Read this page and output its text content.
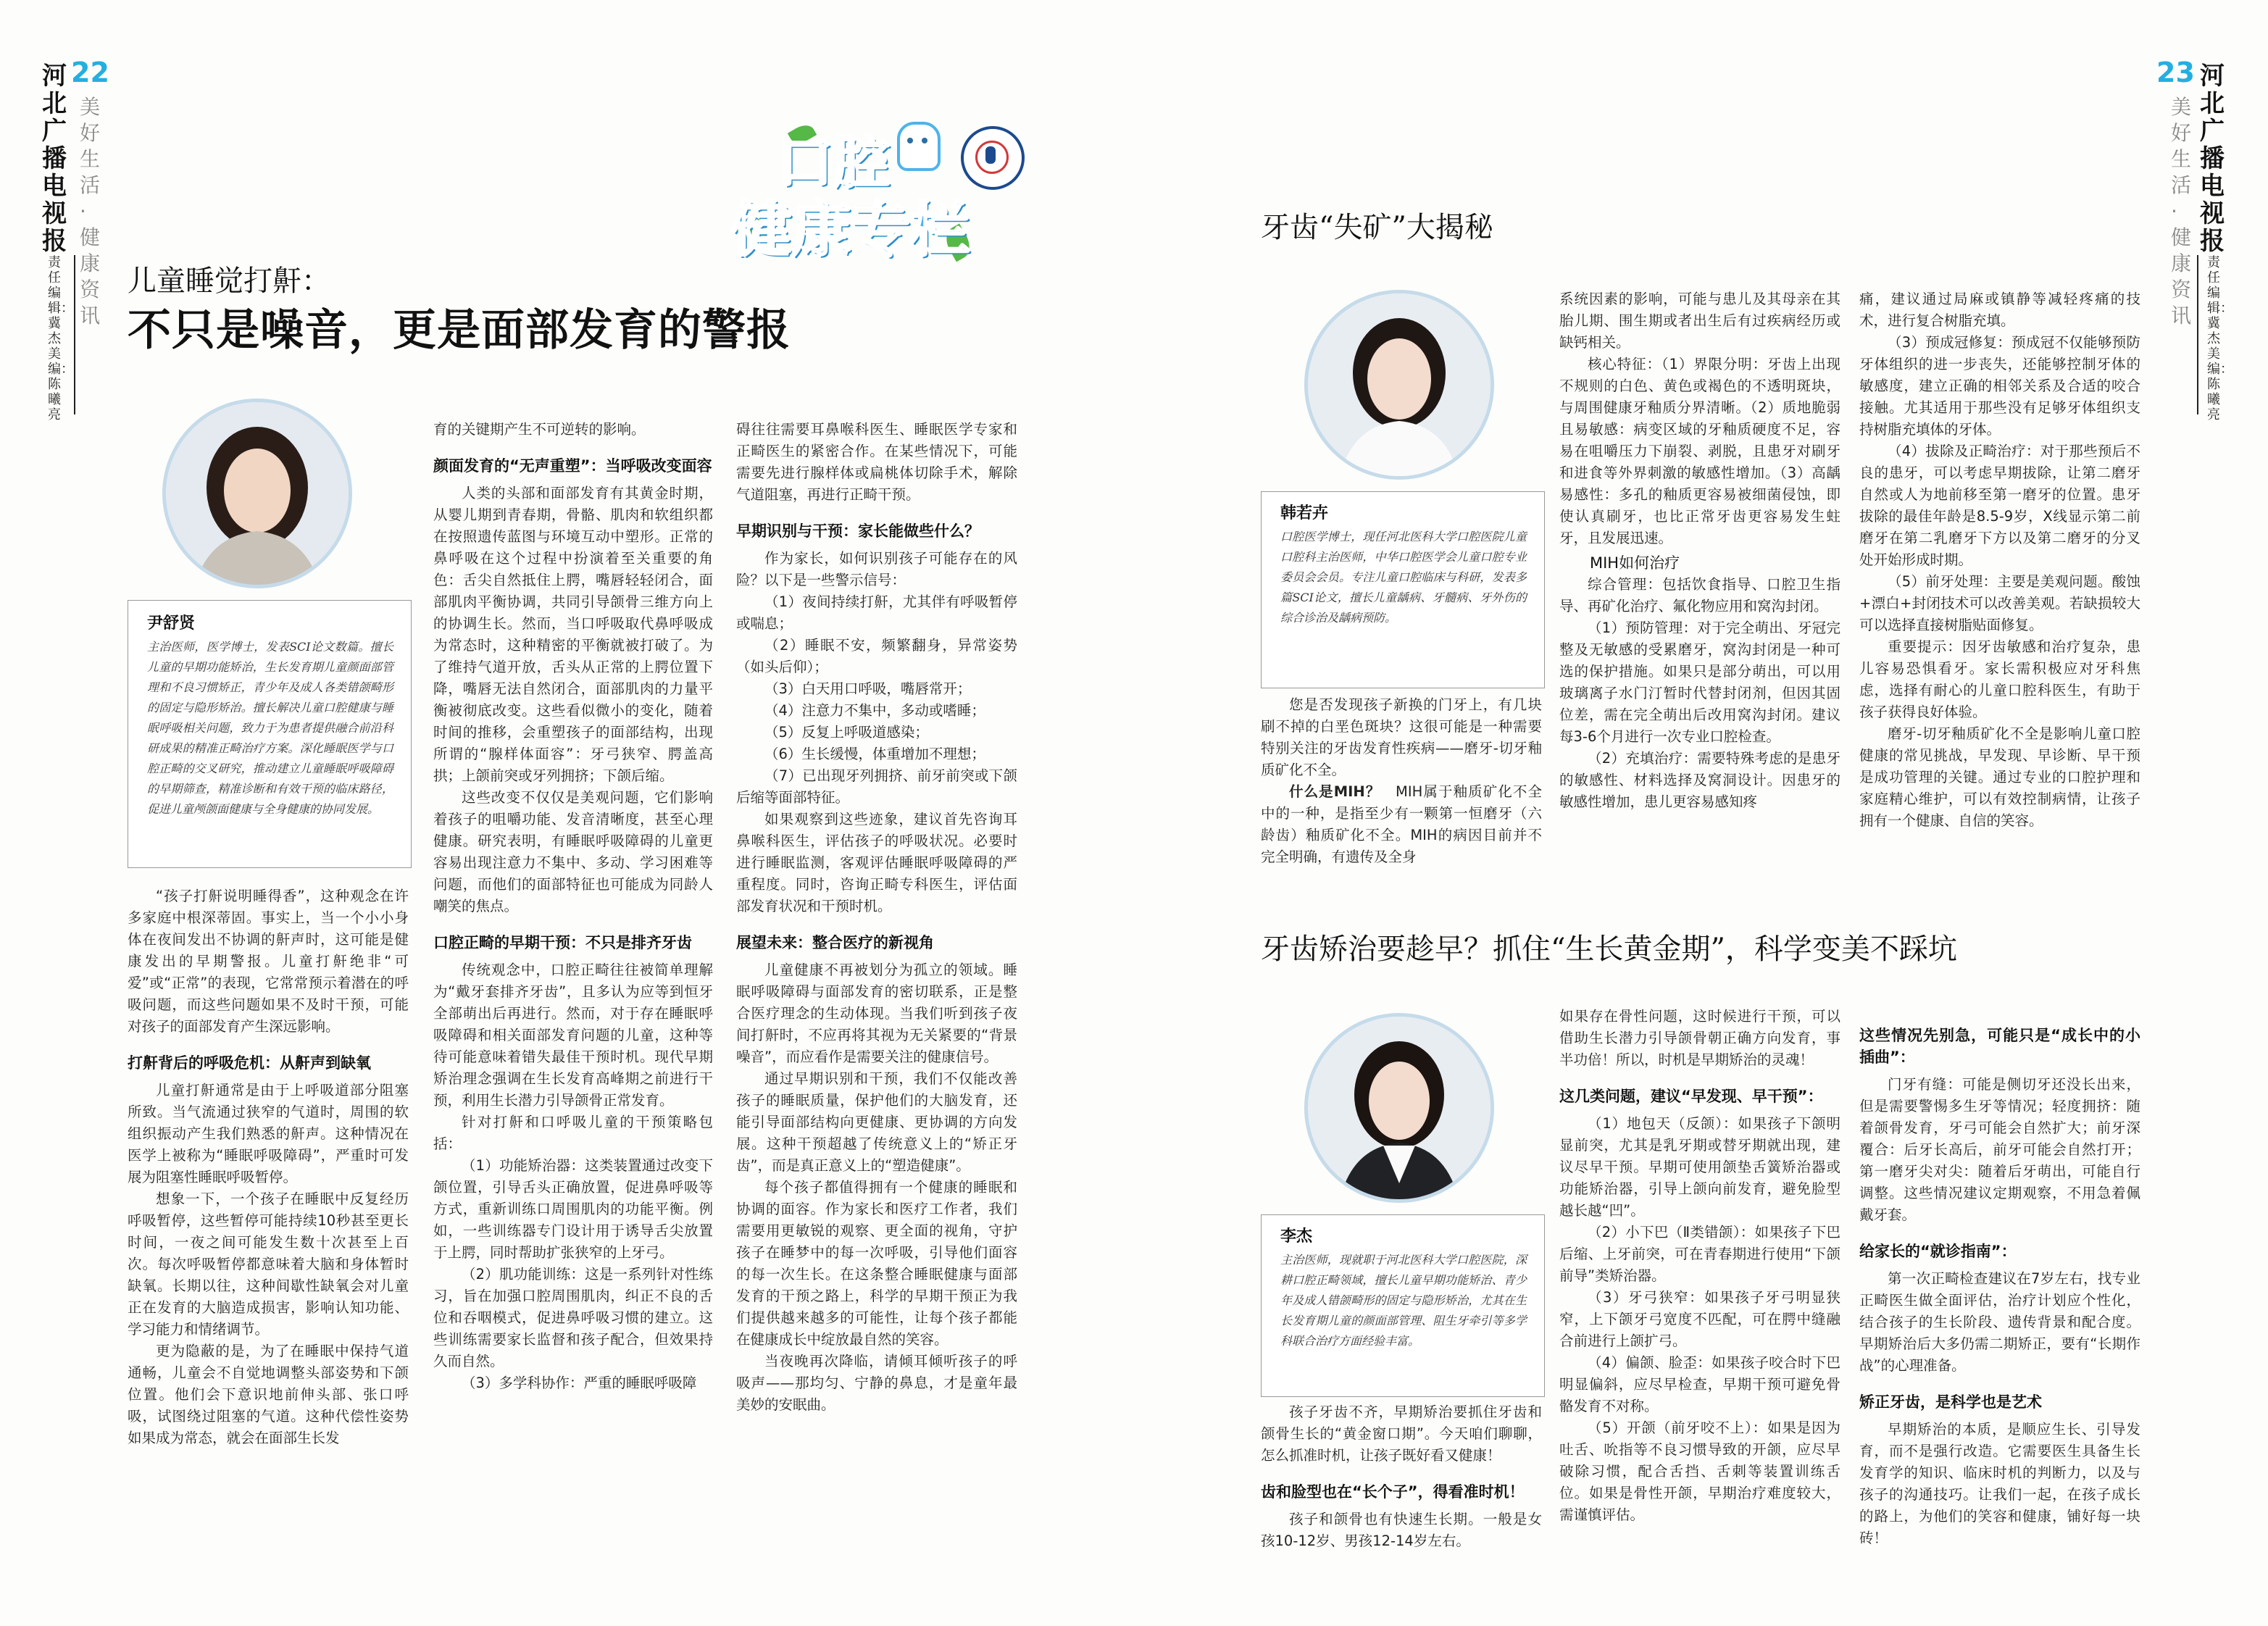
22
河北广播电视报
美好生活·健康资讯
责任编辑：冀杰 美编：陈曦亮
23 河北广播电视报
美好生活·健康资讯
责任编辑：冀杰 美编：陈曦亮
口腔
健康专栏
儿童睡觉打鼾：
不只是噪音，更是面部发育的警报
尹舒贤
主治医师，医学博士，发表SCI论文数篇。擅长儿童的早期功能矫治，生长发育期儿童颜面部管理和不良习惯矫正，青少年及成人各类错颌畸形的固定与隐形矫治。擅长解决儿童口腔健康与睡眠呼吸相关问题，致力于为患者提供融合前沿科研成果的精准正畸治疗方案。深化睡眠医学与口腔正畸的交叉研究，推动建立儿童睡眠呼吸障碍的早期筛查，精准诊断和有效干预的临床路径，促进儿童颅颌面健康与全身健康的协同发展。

“孩子打鼾说明睡得香”，这种观念在许多家庭中根深蒂固。事实上，当一个小小身体在夜间发出不协调的鼾声时，这可能是健康发出的早期警报。儿童打鼾绝非“可爱”或“正常”的表现，它常常预示着潜在的呼吸问题，而这些问题如果不及时干预，可能对孩子的面部发育产生深远影响。

打鼾背后的呼吸危机：从鼾声到缺氧

儿童打鼾通常是由于上呼吸道部分阻塞所致。当气流通过狭窄的气道时，周围的软组织振动产生我们熟悉的鼾声。这种情况在医学上被称为“睡眠呼吸障碍”，严重时可发展为阻塞性睡眠呼吸暂停。

想象一下，一个孩子在睡眠中反复经历呼吸暂停，这些暂停可能持续10秒甚至更长时间，一夜之间可能发生数十次甚至上百次。每次呼吸暂停都意味着大脑和身体暂时缺氧。长期以往，这种间歇性缺氧会对儿童正在发育的大脑造成损害，影响认知功能、学习能力和情绪调节。

更为隐蔽的是，为了在睡眠中保持气道通畅，儿童会不自觉地调整头部姿势和下颌位置。他们会下意识地前伸头部、张口呼吸，试图绕过阻塞的气道。这种代偿性姿势如果成为常态，就会在面部生长发

育的关键期产生不可逆转的影响。

颜面发育的“无声重塑”：当呼吸改变面容

人类的头部和面部发育有其黄金时期，从婴儿期到青春期，骨骼、肌肉和软组织都在按照遗传蓝图与环境互动中塑形。正常的鼻呼吸在这个过程中扮演着至关重要的角色：舌尖自然抵住上腭，嘴唇轻轻闭合，面部肌肉平衡协调，共同引导颌骨三维方向上的协调生长。然而，当口呼吸取代鼻呼吸成为常态时，这种精密的平衡就被打破了。为了维持气道开放，舌头从正常的上腭位置下降，嘴唇无法自然闭合，面部肌肉的力量平衡被彻底改变。这些看似微小的变化，随着时间的推移，会重塑孩子的面部结构，出现所谓的“腺样体面容”：牙弓狭窄、腭盖高拱；上颌前突或牙列拥挤；下颌后缩。

这些改变不仅仅是美观问题，它们影响着孩子的咀嚼功能、发音清晰度，甚至心理健康。研究表明，有睡眠呼吸障碍的儿童更容易出现注意力不集中、多动、学习困难等问题，而他们的面部特征也可能成为同龄人嘲笑的焦点。

口腔正畸的早期干预：不只是排齐牙齿

传统观念中，口腔正畸往往被简单理解为“戴牙套排齐牙齿”，且多认为应等到恒牙全部萌出后再进行。然而，对于存在睡眠呼吸障碍和相关面部发育问题的儿童，这种等待可能意味着错失最佳干预时机。现代早期矫治理念强调在生长发育高峰期之前进行干预，利用生长潜力引导颌骨正常发育。

针对打鼾和口呼吸儿童的干预策略包括：

（1）功能矫治器：这类装置通过改变下颌位置，引导舌头正确放置，促进鼻呼吸等方式，重新训练口周围肌肉的功能平衡。例如，一些训练器专门设计用于诱导舌尖放置于上腭，同时帮助扩张狭窄的上牙弓。

（2）肌功能训练：这是一系列针对性练习，旨在加强口腔周围肌肉，纠正不良的舌位和吞咽模式，促进鼻呼吸习惯的建立。这些训练需要家长监督和孩子配合，但效果持久而自然。

（3）多学科协作：严重的睡眠呼吸障

碍往往需要耳鼻喉科医生、睡眠医学专家和正畸医生的紧密合作。在某些情况下，可能需要先进行腺样体或扁桃体切除手术，解除气道阻塞，再进行正畸干预。

早期识别与干预：家长能做些什么？

作为家长，如何识别孩子可能存在的风险？以下是一些警示信号：

（1）夜间持续打鼾，尤其伴有呼吸暂停或喘息；

（2）睡眠不安，频繁翻身，异常姿势（如头后仰）；

（3）白天用口呼吸，嘴唇常开；

（4）注意力不集中，多动或嗜睡；

（5）反复上呼吸道感染；

（6）生长缓慢，体重增加不理想；

（7）已出现牙列拥挤、前牙前突或下颌后缩等面部特征。

如果观察到这些迹象，建议首先咨询耳鼻喉科医生，评估孩子的呼吸状况。必要时进行睡眠监测，客观评估睡眠呼吸障碍的严重程度。同时，咨询正畸专科医生，评估面部发育状况和干预时机。

展望未来：整合医疗的新视角

儿童健康不再被划分为孤立的领域。睡眠呼吸障碍与面部发育的密切联系，正是整合医疗理念的生动体现。当我们听到孩子夜间打鼾时，不应再将其视为无关紧要的“背景噪音”，而应看作是需要关注的健康信号。

通过早期识别和干预，我们不仅能改善孩子的睡眠质量，保护他们的大脑发育，还能引导面部结构向更健康、更协调的方向发展。这种干预超越了传统意义上的“矫正牙齿”，而是真正意义上的“塑造健康”。

每个孩子都值得拥有一个健康的睡眠和协调的面容。作为家长和医疗工作者，我们需要用更敏锐的观察、更全面的视角，守护孩子在睡梦中的每一次呼吸，引导他们面容的每一次生长。在这条整合睡眠健康与面部发育的干预之路上，科学的早期干预正为我们提供越来越多的可能性，让每个孩子都能在健康成长中绽放最自然的笑容。

当夜晚再次降临，请倾耳倾听孩子的呼吸声——那均匀、宁静的鼻息，才是童年最美妙的安眠曲。

牙齿“失矿”大揭秘
韩若卉
口腔医学博士，现任河北医科大学口腔医院儿童口腔科主治医师，中华口腔医学会儿童口腔专业委员会会员。专注儿童口腔临床与科研，发表多篇SCI论文，擅长儿童龋病、牙髓病、牙外伤的综合诊治及龋病预防。

您是否发现孩子新换的门牙上，有几块刷不掉的白垩色斑块？这很可能是一种需要特别关注的牙齿发育性疾病——磨牙-切牙釉质矿化不全。

什么是MIH？　 MIH属于釉质矿化不全中的一种，是指至少有一颗第一恒磨牙（六龄齿）釉质矿化不全。MIH的病因目前并不完全明确，有遗传及全身

系统因素的影响，可能与患儿及其母亲在其胎儿期、围生期或者出生后有过疾病经历或缺钙相关。

核心特征：（1）界限分明：牙齿上出现不规则的白色、黄色或褐色的不透明斑块，与周围健康牙釉质分界清晰。（2）质地脆弱且易敏感：病变区域的牙釉质硬度不足，容易在咀嚼压力下崩裂、剥脱，且患牙对刷牙和进食等外界刺激的敏感性增加。（3）高龋易感性：多孔的釉质更容易被细菌侵蚀，即使认真刷牙，也比正常牙齿更容易发生蛀牙，且发展迅速。

MIH如何治疗

综合管理：包括饮食指导、口腔卫生指导、再矿化治疗、氟化物应用和窝沟封闭。

（1）预防管理：对于完全萌出、牙冠完整及无敏感的受累磨牙，窝沟封闭是一种可选的保护措施。如果只是部分萌出，可以用玻璃离子水门汀暂时代替封闭剂，但因其固位差，需在完全萌出后改用窝沟封闭。建议每3-6个月进行一次专业口腔检查。

（2）充填治疗：需要特殊考虑的是患牙的敏感性、材料选择及窝洞设计。因患牙的敏感性增加，患儿更容易感知疼

痛，建议通过局麻或镇静等减轻疼痛的技术，进行复合树脂充填。

（3）预成冠修复：预成冠不仅能够预防牙体组织的进一步丧失，还能够控制牙体的敏感度，建立正确的相邻关系及合适的咬合接触。尤其适用于那些没有足够牙体组织支持树脂充填体的牙体。

（4）拔除及正畸治疗：对于那些预后不良的患牙，可以考虑早期拔除，让第二磨牙自然或人为地前移至第一磨牙的位置。患牙拔除的最佳年龄是8.5-9岁，X线显示第二前磨牙在第二乳磨牙下方以及第二磨牙的分叉处开始形成时期。

（5）前牙处理：主要是美观问题。酸蚀+漂白+封闭技术可以改善美观。若缺损较大可以选择直接树脂贴面修复。

重要提示：因牙齿敏感和治疗复杂，患儿容易恐惧看牙。家长需积极应对牙科焦虑，选择有耐心的儿童口腔科医生，有助于孩子获得良好体验。

磨牙-切牙釉质矿化不全是影响儿童口腔健康的常见挑战，早发现、早诊断、早干预是成功管理的关键。通过专业的口腔护理和家庭精心维护，可以有效控制病情，让孩子拥有一个健康、自信的笑容。

牙齿矫治要趁早？抓住“生长黄金期”，科学变美不踩坑
李杰
主治医师，现就职于河北医科大学口腔医院，深耕口腔正畸领域，擅长儿童早期功能矫治、青少年及成人错颌畸形的固定与隐形矫治，尤其在生长发育期儿童的颜面部管理、阻生牙牵引等多学科联合治疗方面经验丰富。

孩子牙齿不齐，早期矫治要抓住牙齿和颌骨生长的“黄金窗口期”。今天咱们聊聊，怎么抓准时机，让孩子既好看又健康！

齿和脸型也在“长个子”，得看准时机！

孩子和颌骨也有快速生长期。一般是女孩10-12岁、男孩12-14岁左右。

如果存在骨性问题，这时候进行干预，可以借助生长潜力引导颌骨朝正确方向发育，事半功倍！所以，时机是早期矫治的灵魂！

这几类问题，建议“早发现、早干预”：

（1）地包天（反颌）：如果孩子下颌明显前突，尤其是乳牙期或替牙期就出现，建议尽早干预。早期可使用颌垫舌簧矫治器或功能矫治器，引导上颌向前发育，避免脸型越长越“凹”。

（2）小下巴（Ⅱ类错颌）：如果孩子下巴后缩、上牙前突，可在青春期进行使用“下颌前导”类矫治器。

（3）牙弓狭窄：如果孩子牙弓明显狭窄，上下颌牙弓宽度不匹配，可在腭中缝融合前进行上颌扩弓。

（4）偏颌、脸歪：如果孩子咬合时下巴明显偏斜，应尽早检查，早期干预可避免骨骼发育不对称。

（5）开颌（前牙咬不上）：如果是因为吐舌、吮指等不良习惯导致的开颌，应尽早破除习惯，配合舌挡、舌刺等装置训练舌位。如果是骨性开颌，早期治疗难度较大，需谨慎评估。

这些情况先别急，可能只是“成长中的小插曲”：

门牙有缝：可能是侧切牙还没长出来，但是需要警惕多生牙等情况；轻度拥挤：随着颌骨发育，牙弓可能会自然扩大；前牙深覆合：后牙长高后，前牙可能会自然打开；第一磨牙尖对尖：随着后牙萌出，可能自行调整。这些情况建议定期观察，不用急着佩戴牙套。

给家长的“就诊指南”：

第一次正畸检查建议在7岁左右，找专业正畸医生做全面评估，治疗计划应个性化，结合孩子的生长阶段、遗传背景和配合度。早期矫治后大多仍需二期矫正，要有“长期作战”的心理准备。

矫正牙齿，是科学也是艺术

早期矫治的本质，是顺应生长、引导发育，而不是强行改造。它需要医生具备生长发育学的知识、临床时机的判断力，以及与孩子的沟通技巧。让我们一起，在孩子成长的路上，为他们的笑容和健康，铺好每一块砖！
